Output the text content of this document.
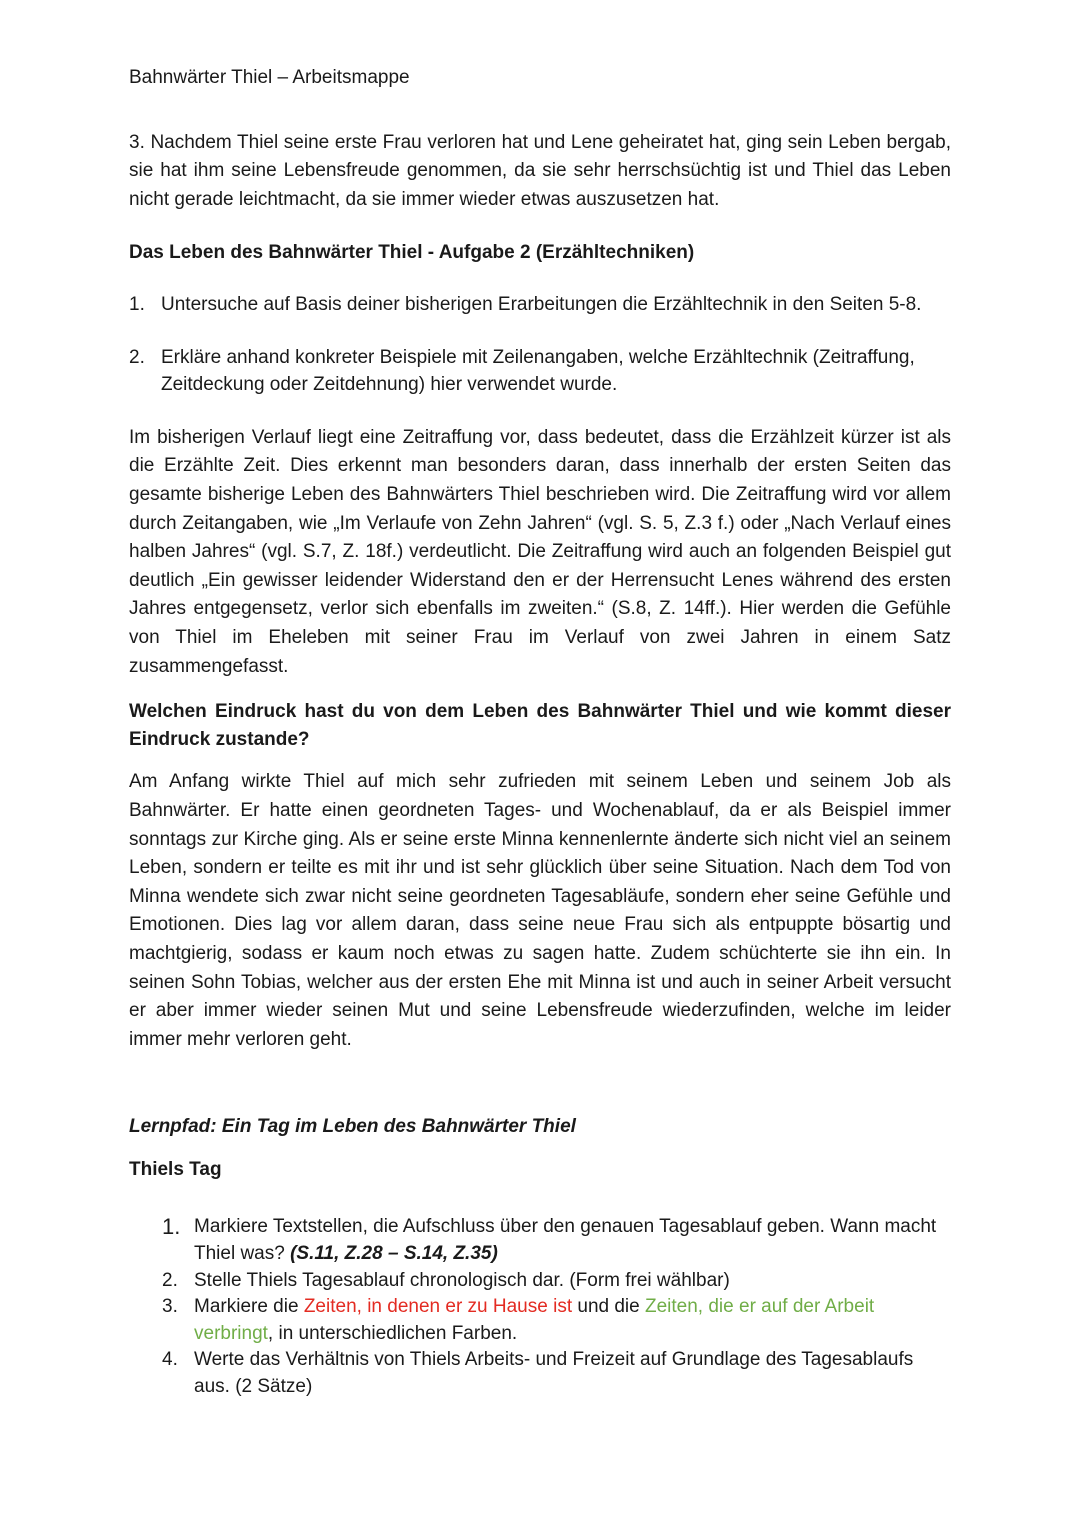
Bahnwärter Thiel – Arbeitsmappe
3. Nachdem Thiel seine erste Frau verloren hat und Lene geheiratet hat, ging sein Leben bergab, sie hat ihm seine Lebensfreude genommen, da sie sehr herrschsüchtig ist und Thiel das Leben nicht gerade leichtmacht, da sie immer wieder etwas auszusetzen hat.
Das Leben des Bahnwärter Thiel - Aufgabe 2 (Erzähltechniken)
1. Untersuche auf Basis deiner bisherigen Erarbeitungen die Erzähltechnik in den Seiten 5-8.
2. Erkläre anhand konkreter Beispiele mit Zeilenangaben, welche Erzähltechnik (Zeitraffung, Zeitdeckung oder Zeitdehnung) hier verwendet wurde.
Im bisherigen Verlauf liegt eine Zeitraffung vor, dass bedeutet, dass die Erzählzeit kürzer ist als die Erzählte Zeit. Dies erkennt man besonders daran, dass innerhalb der ersten Seiten das gesamte bisherige Leben des Bahnwärters Thiel beschrieben wird. Die Zeitraffung wird vor allem durch Zeitangaben, wie „Im Verlaufe von Zehn Jahren“ (vgl. S. 5, Z.3 f.) oder „Nach Verlauf eines halben Jahres“ (vgl. S.7, Z. 18f.) verdeutlicht. Die Zeitraffung wird auch an folgenden Beispiel gut deutlich „Ein gewisser leidender Widerstand den er der Herrensucht Lenes während des ersten Jahres entgegensetz, verlor sich ebenfalls im zweiten.“ (S.8, Z. 14ff.). Hier werden die Gefühle von Thiel im Eheleben mit seiner Frau im Verlauf von zwei Jahren in einem Satz zusammengefasst.
Welchen Eindruck hast du von dem Leben des Bahnwärter Thiel und wie kommt dieser Eindruck zustande?
Am Anfang wirkte Thiel auf mich sehr zufrieden mit seinem Leben und seinem Job als Bahnwärter. Er hatte einen geordneten Tages- und Wochenablauf, da er als Beispiel immer sonntags zur Kirche ging. Als er seine erste Minna kennenlernte änderte sich nicht viel an seinem Leben, sondern er teilte es mit ihr und ist sehr glücklich über seine Situation. Nach dem Tod von Minna wendete sich zwar nicht seine geordneten Tagesabläufe, sondern eher seine Gefühle und Emotionen. Dies lag vor allem daran, dass seine neue Frau sich als entpuppte bösartig und machtgierig, sodass er kaum noch etwas zu sagen hatte. Zudem schüchterte sie ihn ein. In seinen Sohn Tobias, welcher aus der ersten Ehe mit Minna ist und auch in seiner Arbeit versucht er aber immer wieder seinen Mut und seine Lebensfreude wiederzufinden, welche im leider immer mehr verloren geht.
Lernpfad: Ein Tag im Leben des Bahnwärter Thiel
Thiels Tag
1. Markiere Textstellen, die Aufschluss über den genauen Tagesablauf geben. Wann macht Thiel was? (S.11, Z.28 – S.14, Z.35)
2. Stelle Thiels Tagesablauf chronologisch dar. (Form frei wählbar)
3. Markiere die Zeiten, in denen er zu Hause ist und die Zeiten, die er auf der Arbeit verbringt, in unterschiedlichen Farben.
4. Werte das Verhältnis von Thiels Arbeits- und Freizeit auf Grundlage des Tagesablaufs aus. (2 Sätze)
